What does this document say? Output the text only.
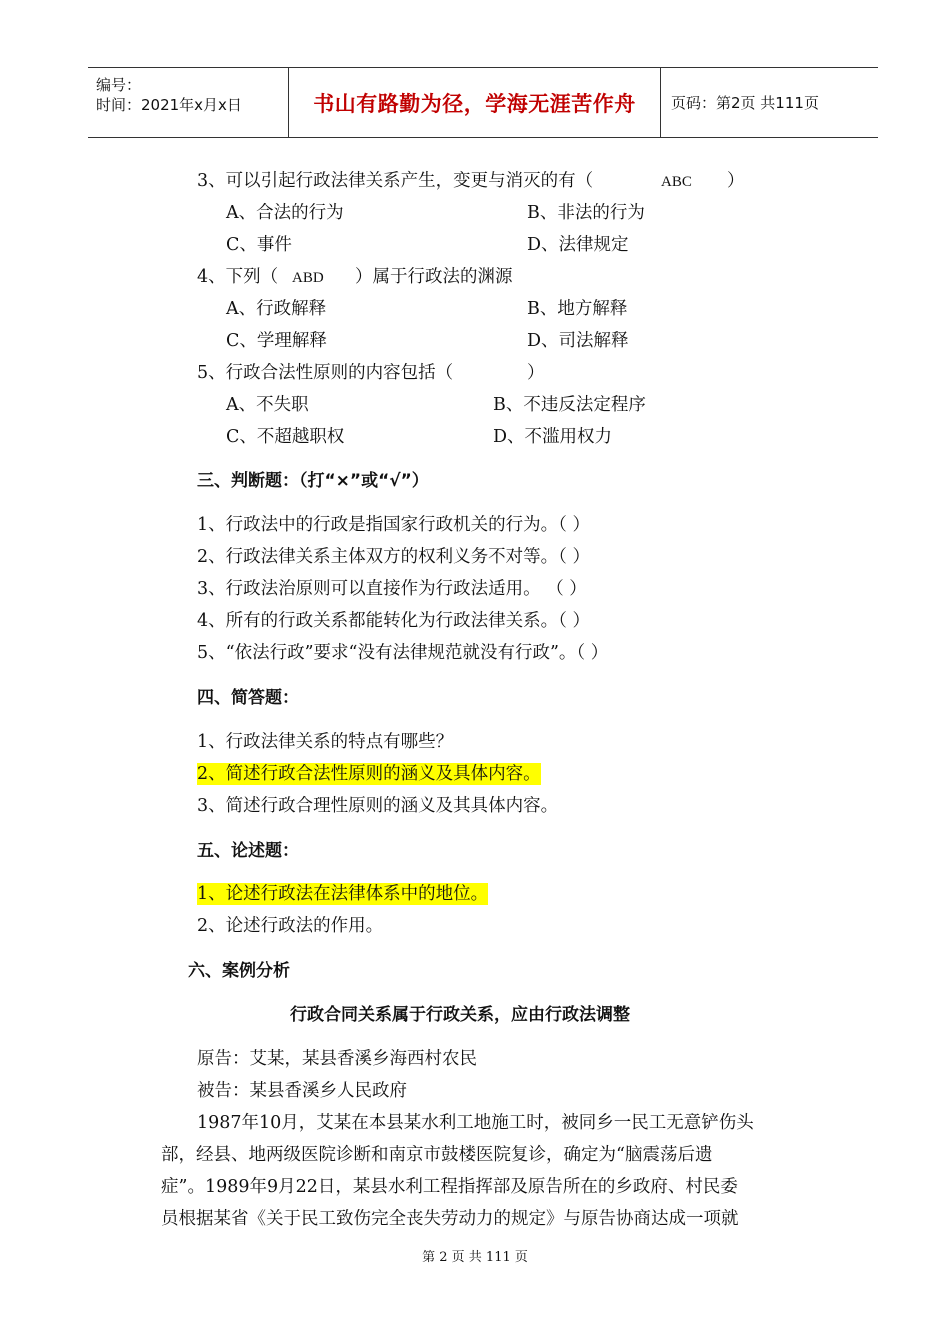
编号：
时间：2021年x月x日	书山有路勤为径，学海无涯苦作舟	页码：第2页 共111页
3、可以引起行政法律关系产生，变更与消灭的有（	ABC ）
A、合法的行为	B、非法的行为
C、事件	D、法律规定
4、下列（ ABD ）属于行政法的渊源
A、行政解释	B、地方解释
C、学理解释	D、司法解释
5、行政合法性原则的内容包括（	）
A、不失职	B、不违反法定程序
C、不超越职权	D、不滥用权力
三、判断题：（打“×”或“√”）
1、行政法中的行政是指国家行政机关的行为。（ ）
2、行政法律关系主体双方的权利义务不对等。（ ）
3、行政法治原则可以直接作为行政法适用。 （ ）
4、所有的行政关系都能转化为行政法律关系。（ ）
5、“依法行政”要求“没有法律规范就没有行政”。（ ）
四、简答题：
1、行政法律关系的特点有哪些？
2、简述行政合法性原则的涵义及具体内容。
3、简述行政合理性原则的涵义及其具体内容。
五、论述题：
1、论述行政法在法律体系中的地位。
2、论述行政法的作用。
六、案例分析
行政合同关系属于行政关系，应由行政法调整
原告：艾某，某县香溪乡海西村农民
被告：某县香溪乡人民政府
1987年10月，艾某在本县某水利工地施工时，被同乡一民工无意铲伤头
部，经县、地两级医院诊断和南京市鼓楼医院复诊，确定为“脑震荡后遗
症”。1989年9月22日，某县水利工程指挥部及原告所在的乡政府、村民委
员根据某省《关于民工致伤完全丧失劳动力的规定》与原告协商达成一项就
第 2 页 共 111 页
